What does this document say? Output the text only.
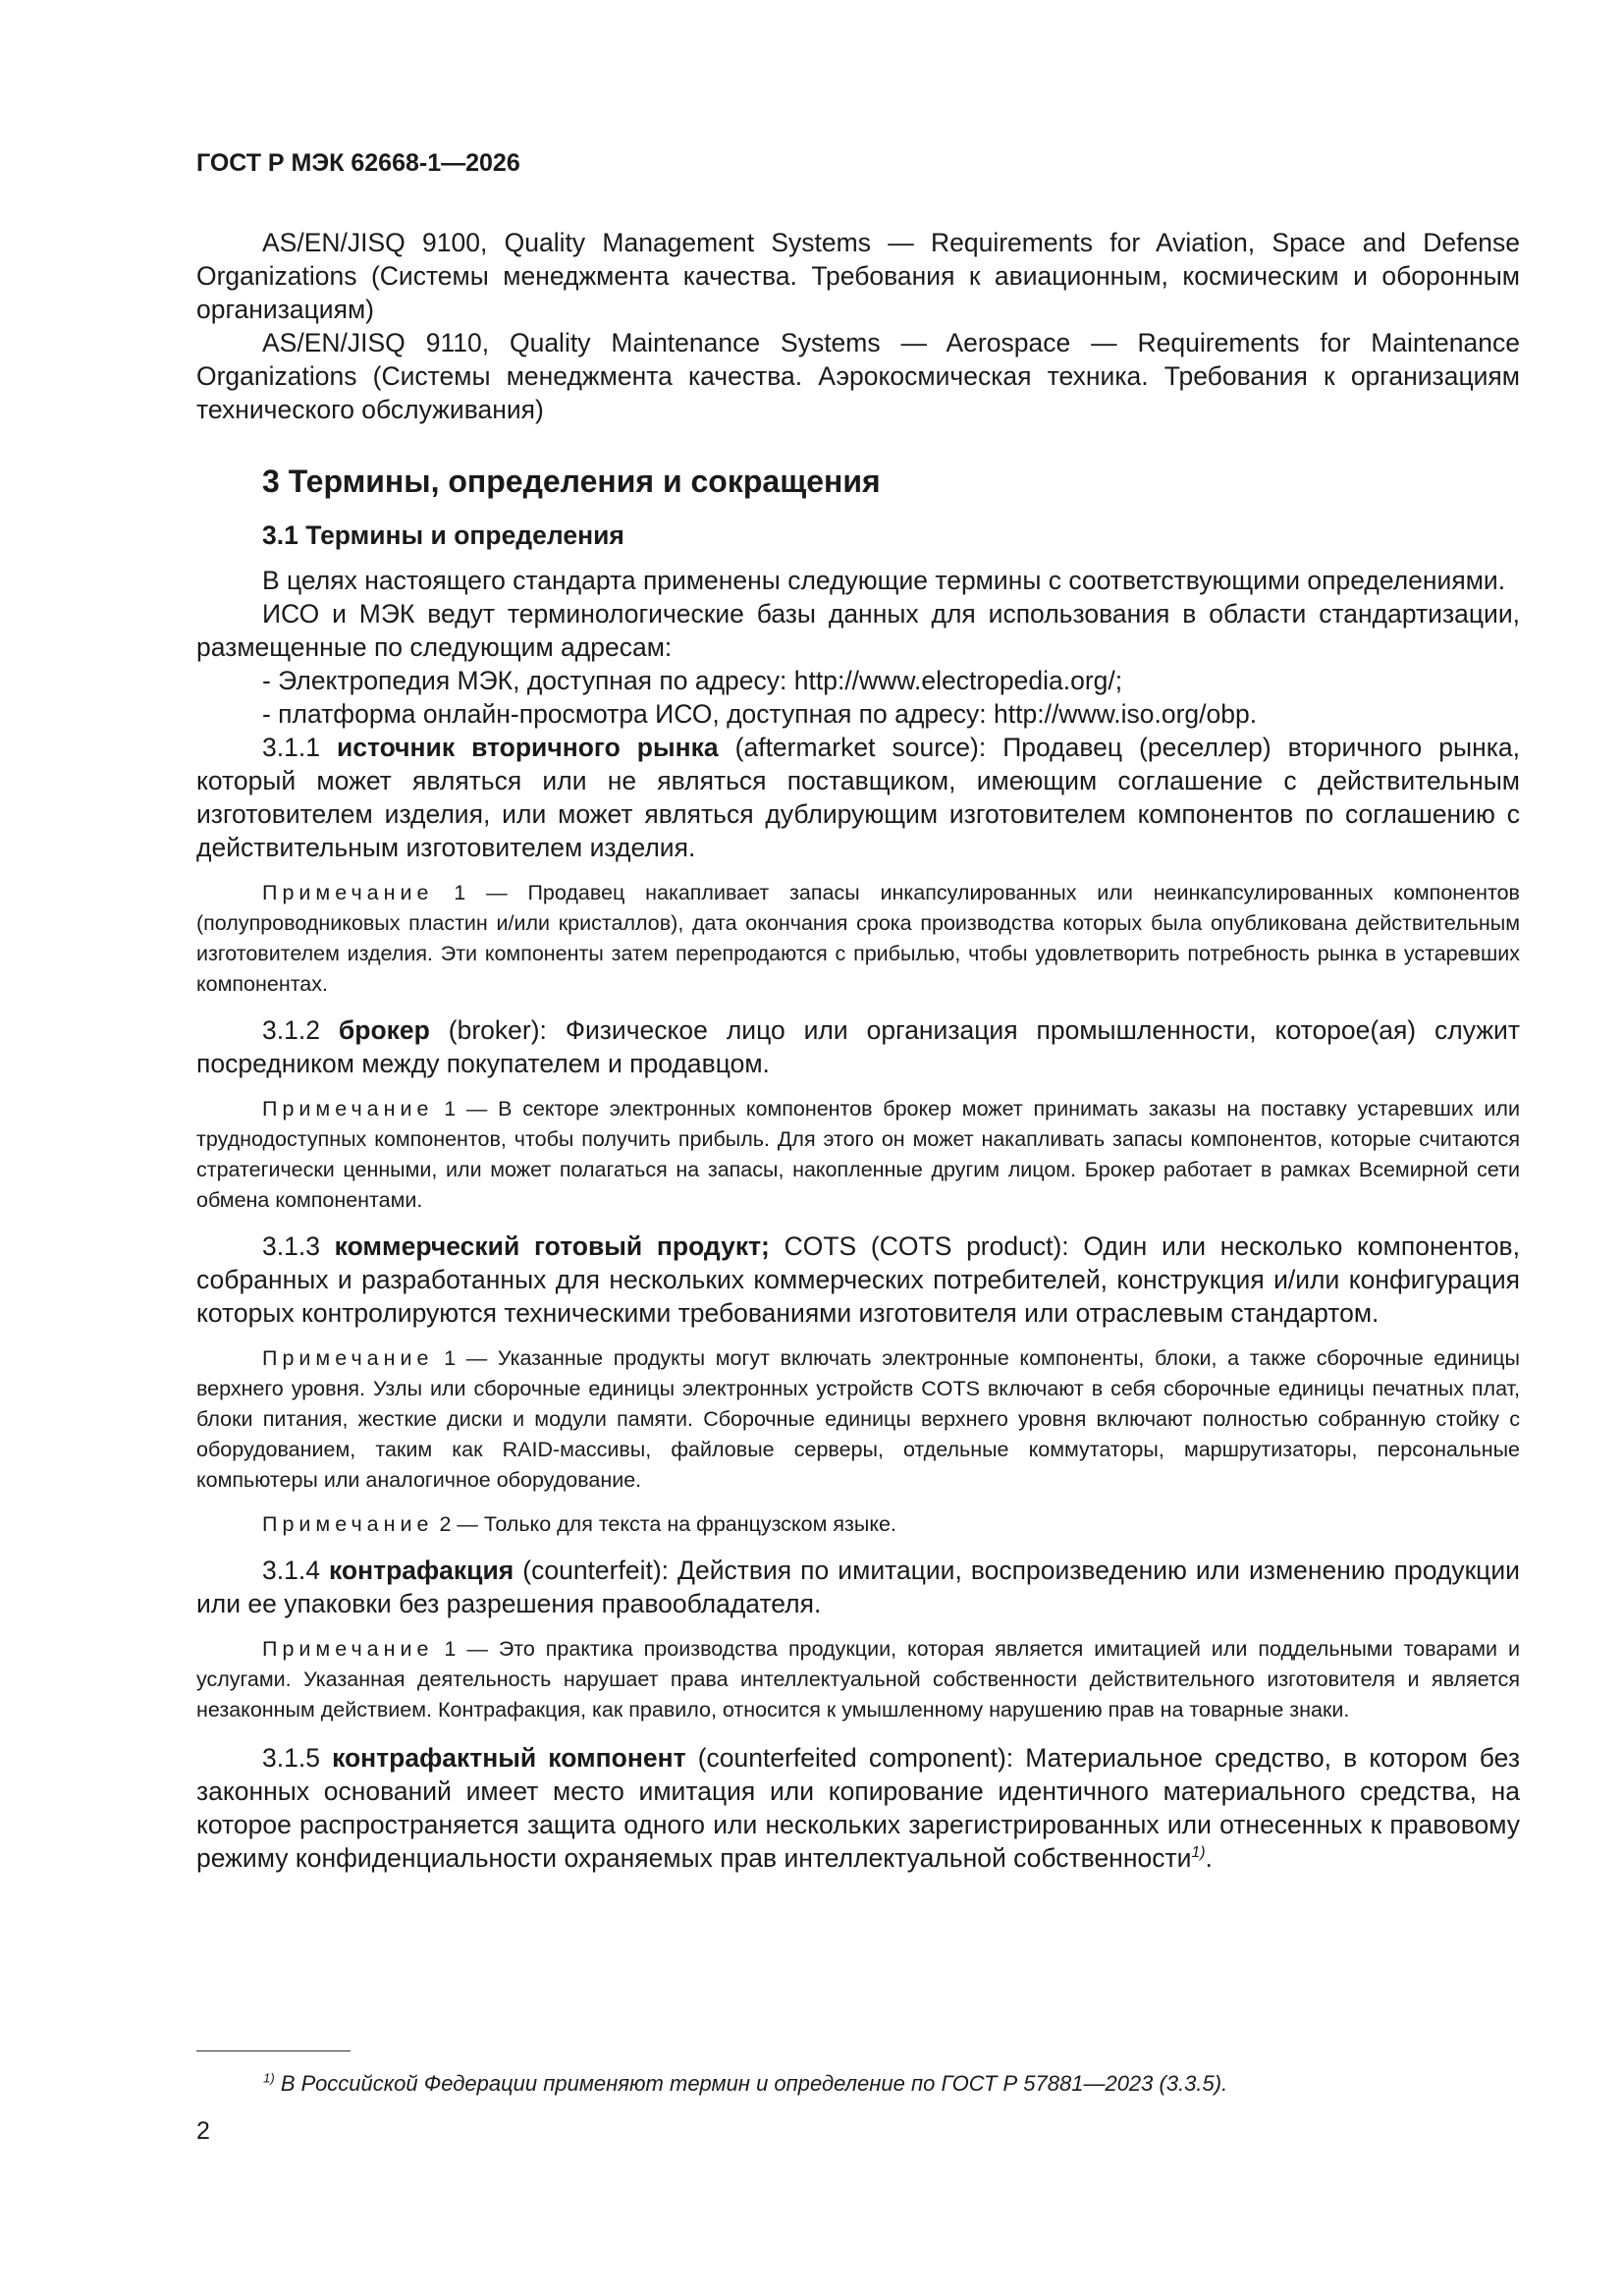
ГОСТ Р МЭК 62668-1—2026

AS/EN/JISQ 9100, Quality Management Systems — Requirements for Aviation, Space and Defense Organizations (Системы менеджмента качества. Требования к авиационным, космическим и оборонным организациям)

AS/EN/JISQ 9110, Quality Maintenance Systems — Aerospace — Requirements for Maintenance Organizations (Системы менеджмента качества. Аэрокосмическая техника. Требования к организациям технического обслуживания)

3 Термины, определения и сокращения
3.1 Термины и определения

В целях настоящего стандарта применены следующие термины с соответствующими определениями.

ИСО и МЭК ведут терминологические базы данных для использования в области стандартизации, размещенные по следующим адресам:

- Электропедия МЭК, доступная по адресу: http://www.electropedia.org/;

- платформа онлайн-просмотра ИСО, доступная по адресу: http://www.iso.org/obp.

3.1.1 источник вторичного рынка (aftermarket source): Продавец (реселлер) вторичного рынка, который может являться или не являться поставщиком, имеющим соглашение с действительным изготовителем изделия, или может являться дублирующим изготовителем компонентов по соглашению с действительным изготовителем изделия.

Примечание 1 — Продавец накапливает запасы инкапсулированных или неинкапсулированных компонентов (полупроводниковых пластин и/или кристаллов), дата окончания срока производства которых была опубликована действительным изготовителем изделия. Эти компоненты затем перепродаются с прибылью, чтобы удовлетворить потребность рынка в устаревших компонентах.

3.1.2 брокер (broker): Физическое лицо или организация промышленности, которое(ая) служит посредником между покупателем и продавцом.

Примечание 1 — В секторе электронных компонентов брокер может принимать заказы на поставку устаревших или труднодоступных компонентов, чтобы получить прибыль. Для этого он может накапливать запасы компонентов, которые считаются стратегически ценными, или может полагаться на запасы, накопленные другим лицом. Брокер работает в рамках Всемирной сети обмена компонентами.

3.1.3 коммерческий готовый продукт; COTS (COTS product): Один или несколько компонентов, собранных и разработанных для нескольких коммерческих потребителей, конструкция и/или конфигурация которых контролируются техническими требованиями изготовителя или отраслевым стандартом.

Примечание 1 — Указанные продукты могут включать электронные компоненты, блоки, а также сборочные единицы верхнего уровня. Узлы или сборочные единицы электронных устройств COTS включают в себя сборочные единицы печатных плат, блоки питания, жесткие диски и модули памяти. Сборочные единицы верхнего уровня включают полностью собранную стойку с оборудованием, таким как RAID-массивы, файловые серверы, отдельные коммутаторы, маршрутизаторы, персональные компьютеры или аналогичное оборудование.

Примечание 2 — Только для текста на французском языке.

3.1.4 контрафакция (counterfeit): Действия по имитации, воспроизведению или изменению продукции или ее упаковки без разрешения правообладателя.

Примечание 1 — Это практика производства продукции, которая является имитацией или поддельными товарами и услугами. Указанная деятельность нарушает права интеллектуальной собственности действительного изготовителя и является незаконным действием. Контрафакция, как правило, относится к умышленному нарушению прав на товарные знаки.

3.1.5 контрафактный компонент (counterfeited component): Материальное средство, в котором без законных оснований имеет место имитация или копирование идентичного материального средства, на которое распространяется защита одного или нескольких зарегистрированных или отнесенных к правовому режиму конфиденциальности охраняемых прав интеллектуальной собственности$^{1)}$.

$^{1)}$ В Российской Федерации применяют термин и определение по ГОСТ Р 57881—2023 (3.3.5).

2
